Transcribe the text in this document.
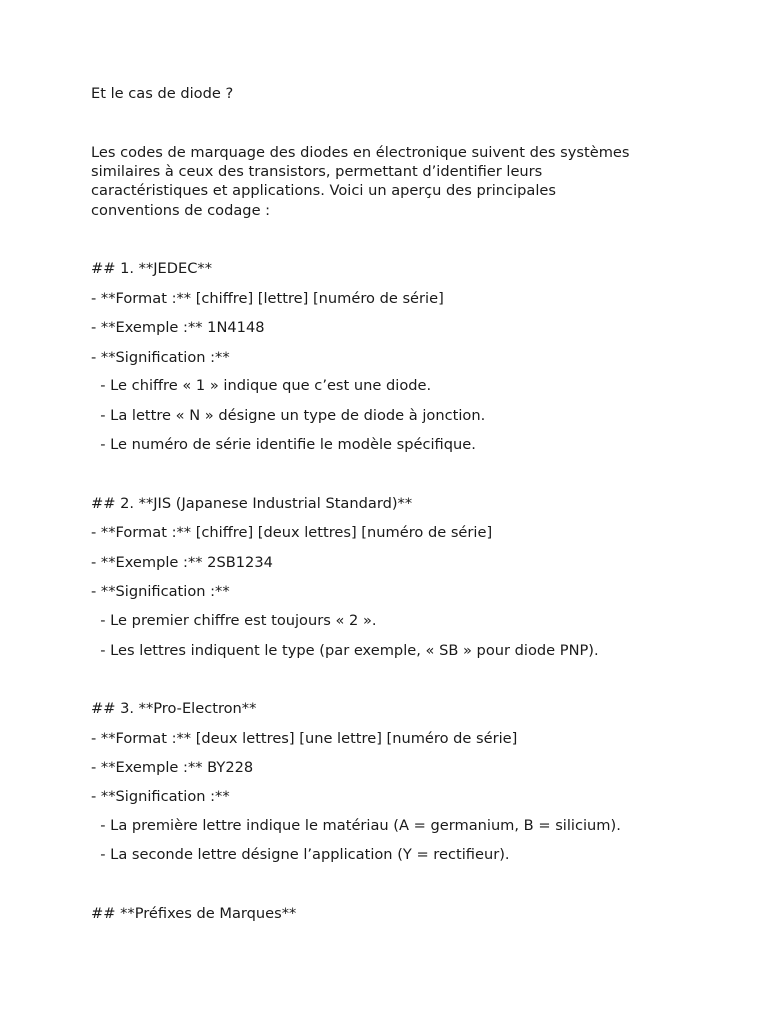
Et le cas de diode ?

Les codes de marquage des diodes en électronique suivent des systèmes

similaires à ceux des transistors, permettant d’identifier leurs

caractéristiques et applications. Voici un aperçu des principales

conventions de codage :

## 1. **JEDEC**

- **Format :** [chiffre] [lettre] [numéro de série]

- **Exemple :** 1N4148

- **Signification :**

- Le chiffre « 1 » indique que c’est une diode.

- La lettre « N » désigne un type de diode à jonction.

- Le numéro de série identifie le modèle spécifique.

## 2. **JIS (Japanese Industrial Standard)**

- **Format :** [chiffre] [deux lettres] [numéro de série]

- **Exemple :** 2SB1234

- **Signification :**

- Le premier chiffre est toujours « 2 ».

- Les lettres indiquent le type (par exemple, « SB » pour diode PNP).

## 3. **Pro-Electron**

- **Format :** [deux lettres] [une lettre] [numéro de série]

- **Exemple :** BY228

- **Signification :**

- La première lettre indique le matériau (A = germanium, B = silicium).

- La seconde lettre désigne l’application (Y = rectifieur).

## **Préfixes de Marques**
